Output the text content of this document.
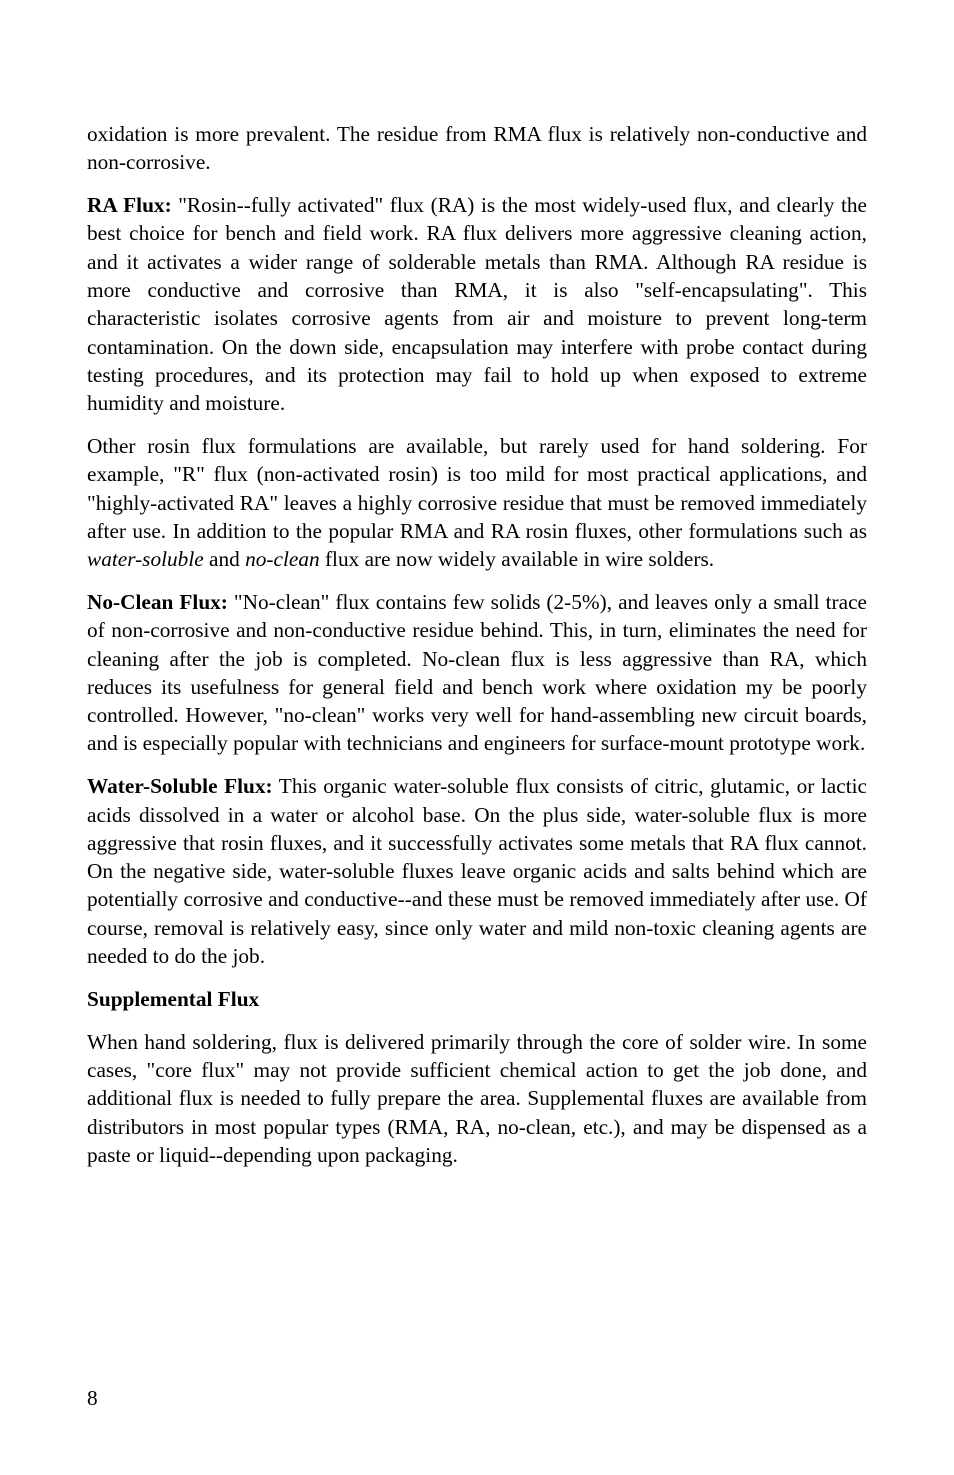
oxidation is more prevalent. The residue from RMA flux is relatively non-conductive and non-corrosive.

RA Flux: "Rosin--fully activated" flux (RA) is the most widely-used flux, and clearly the best choice for bench and field work. RA flux delivers more aggressive cleaning action, and it activates a wider range of solderable metals than RMA. Although RA residue is more conductive and corrosive than RMA, it is also "self-encapsulating". This characteristic isolates corrosive agents from air and moisture to prevent long-term contamination. On the down side, encapsulation may interfere with probe contact during testing procedures, and its protection may fail to hold up when exposed to extreme humidity and moisture.

Other rosin flux formulations are available, but rarely used for hand soldering. For example, "R" flux (non-activated rosin) is too mild for most practical applications, and "highly-activated RA" leaves a highly corrosive residue that must be removed immediately after use. In addition to the popular RMA and RA rosin fluxes, other formulations such as water-soluble and no-clean flux are now widely available in wire solders.

No-Clean Flux: "No-clean" flux contains few solids (2-5%), and leaves only a small trace of non-corrosive and non-conductive residue behind. This, in turn, eliminates the need for cleaning after the job is completed. No-clean flux is less aggressive than RA, which reduces its usefulness for general field and bench work where oxidation my be poorly controlled. However, "no-clean" works very well for hand-assembling new circuit boards, and is especially popular with technicians and engineers for surface-mount prototype work.

Water-Soluble Flux: This organic water-soluble flux consists of citric, glutamic, or lactic acids dissolved in a water or alcohol base. On the plus side, water-soluble flux is more aggressive that rosin fluxes, and it successfully activates some metals that RA flux cannot. On the negative side, water-soluble fluxes leave organic acids and salts behind which are potentially corrosive and conductive--and these must be removed immediately after use. Of course, removal is relatively easy, since only water and mild non-toxic cleaning agents are needed to do the job.

Supplemental Flux

When hand soldering, flux is delivered primarily through the core of solder wire. In some cases, "core flux" may not provide sufficient chemical action to get the job done, and additional flux is needed to fully prepare the area. Supplemental fluxes are available from distributors in most popular types (RMA, RA, no-clean, etc.), and may be dispensed as a paste or liquid--depending upon packaging.

8
